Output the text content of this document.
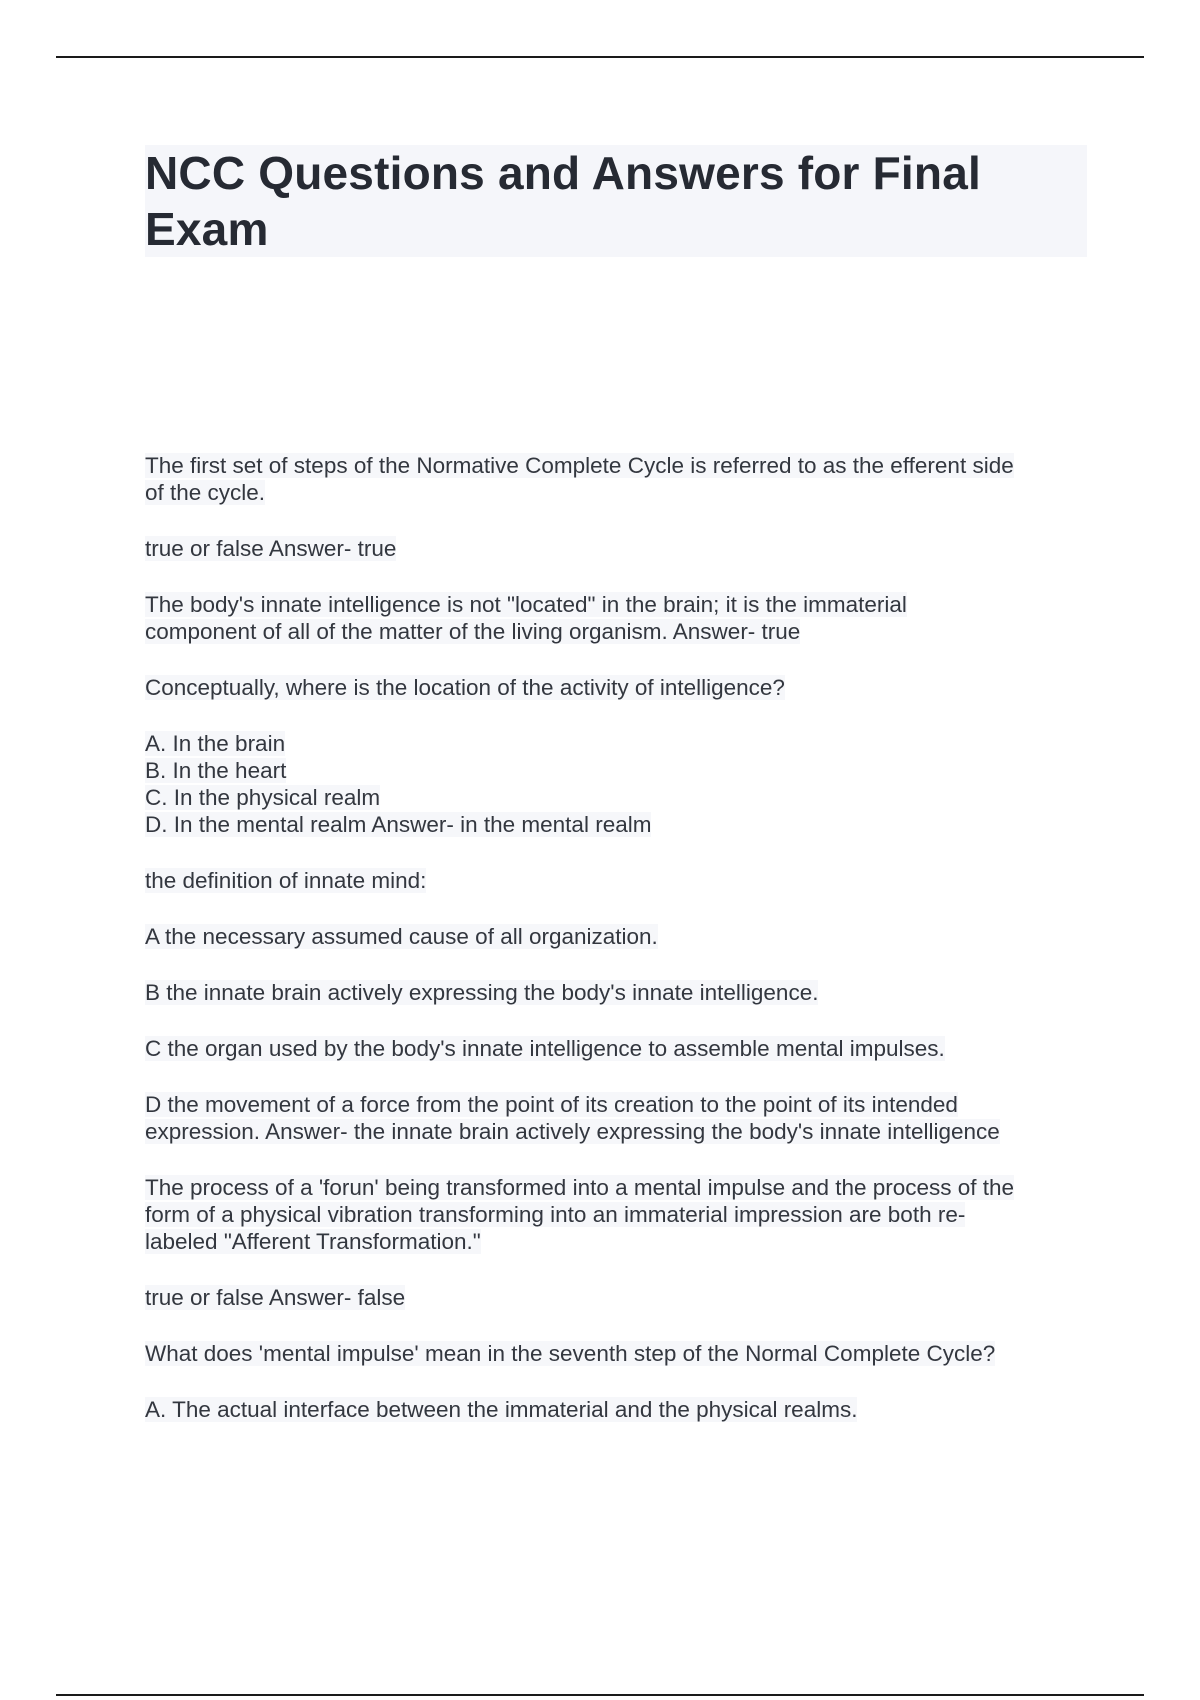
NCC Questions and Answers for Final
Exam
The first set of steps of the Normative Complete Cycle is referred to as the efferent side
of the cycle.
true or false Answer- true
The body's innate intelligence is not "located" in the brain; it is the immaterial
component of all of the matter of the living organism. Answer- true
Conceptually, where is the location of the activity of intelligence?
A. In the brain
B. In the heart
C. In the physical realm
D. In the mental realm Answer- in the mental realm
the definition of innate mind:
A the necessary assumed cause of all organization.
B the innate brain actively expressing the body's innate intelligence.
C the organ used by the body's innate intelligence to assemble mental impulses.
D the movement of a force from the point of its creation to the point of its intended
expression. Answer- the innate brain actively expressing the body's innate intelligence
The process of a 'forun' being transformed into a mental impulse and the process of the
form of a physical vibration transforming into an immaterial impression are both re-
labeled "Afferent Transformation."
true or false Answer- false
What does 'mental impulse' mean in the seventh step of the Normal Complete Cycle?
A. The actual interface between the immaterial and the physical realms.
